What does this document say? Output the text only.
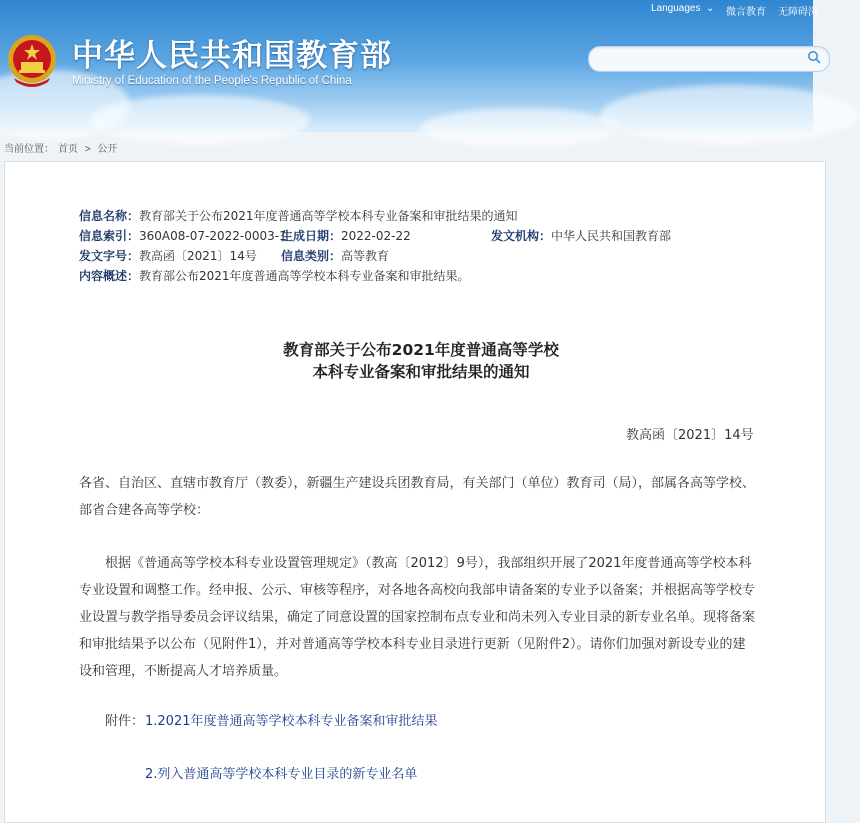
中华人民共和国教育部
Ministry of Education of the People's Republic of China
Languages ⌄ 微言教育 无障碍浏
当前位置： 首页 > 公开
信息名称：教育部关于公布2021年度普通高等学校本科专业备案和审批结果的通知
信息索引：360A08-07-2022-0003-1
生成日期：2022-02-22	发文机构：中华人民共和国教育部
发文字号：教高函〔2021〕14号 信息类别：高等教育
内容概述：教育部公布2021年度普通高等学校本科专业备案和审批结果。
教育部关于公布2021年度普通高等学校
本科专业备案和审批结果的通知
教高函〔2021〕14号
各省、自治区、直辖市教育厅（教委），新疆生产建设兵团教育局，有关部门（单位）教育司（局），部属各高等学校、部省合建各高等学校：
根据《普通高等学校本科专业设置管理规定》（教高〔2012〕9号），我部组织开展了2021年度普通高等学校本科专业设置和调整工作。经申报、公示、审核等程序，对各地各高校向我部申请备案的专业予以备案；并根据高等学校专业设置与教学指导委员会评议结果，确定了同意设置的国家控制布点专业和尚未列入专业目录的新专业名单。现将备案和审批结果予以公布（见附件1），并对普通高等学校本科专业目录进行更新（见附件2）。请你们加强对新设专业的建设和管理，不断提高人才培养质量。
附件： 1.2021年度普通高等学校本科专业备案和审批结果
2.列入普通高等学校本科专业目录的新专业名单
